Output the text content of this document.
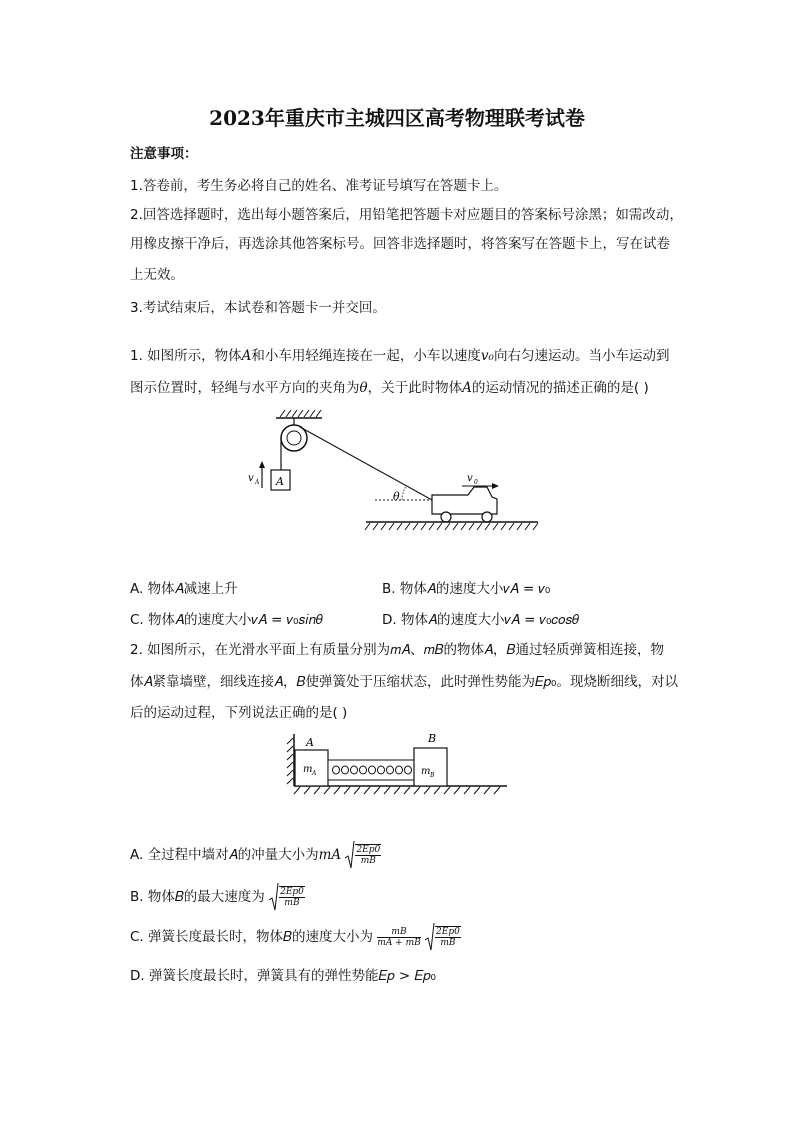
2023年重庆市主城四区高考物理联考试卷
注意事项：
1.答卷前，考生务必将自己的姓名、准考证号填写在答题卡上。
2.回答选择题时，选出每小题答案后，用铅笔把答题卡对应题目的答案标号涂黑；如需改动，
用橡皮擦干净后，再选涂其他答案标号。回答非选择题时，将答案写在答题卡上，写在试卷
上无效。
3.考试结束后，本试卷和答题卡一并交回。
1. 如图所示，物体A和小车用轻绳连接在一起，小车以速度v₀向右匀速运动。当小车运动到
图示位置时，轻绳与水平方向的夹角为θ，关于此时物体A的运动情况的描述正确的是( )
A
v A
θ
v 0
A. 物体𝐴减速上升	B. 物体𝐴的速度大小𝑣𝐴 = 𝑣₀
C. 物体𝐴的速度大小𝑣𝐴 = 𝑣₀𝑠𝑖𝑛𝜃	D. 物体𝐴的速度大小𝑣𝐴 = 𝑣₀𝑐𝑜𝑠𝜃
2. 如图所示，在光滑水平面上有质量分别为𝑚𝐴、𝑚𝐵的物体𝐴，𝐵通过轻质弹簧相连接，物
体𝐴紧靠墙壁，细线连接𝐴，𝐵使弹簧处于压缩状态，此时弹性势能为𝐸𝑝₀。现烧断细线，对以
后的运动过程，下列说法正确的是( )
A
m A
B
m B
A. 全过程中墙对𝐴的冲量大小为𝑚𝐴 $\frac{\text{2𝐸𝑝0}}{\text{𝑚𝐵}}$
B. 物体𝐵的最大速度为 $\frac{\text{2𝐸𝑝0}}{\text{𝑚𝐵}}$
C. 弹簧长度最长时，物体𝐵的速度大小为 $\frac{\text{𝑚𝐵}}{\text{𝑚𝐴 + 𝑚𝐵}}$
$\frac{\text{2𝐸𝑝0}}{\text{𝑚𝐵}}$
D. 弹簧长度最长时，弹簧具有的弹性势能𝐸𝑝 > 𝐸𝑝₀
